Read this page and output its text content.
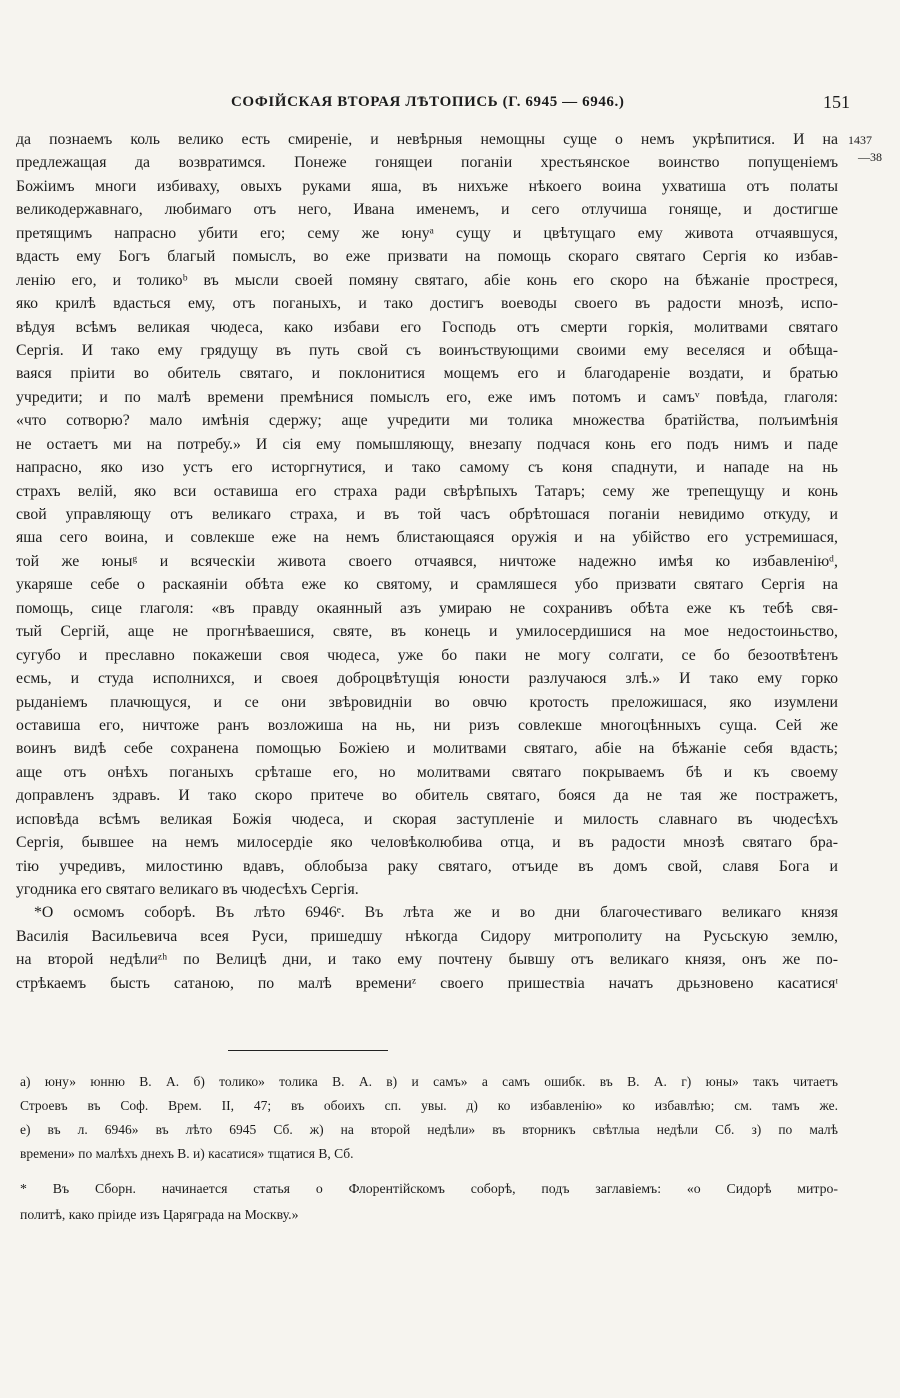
СОФІЙСКАЯ ВТОРАЯ ЛѢТОПИСЬ (Г. 6945 — 6946.)	151
1437
—38
да познаемъ коль велико есть смиреніе, и невѣрныя немощны суще о немъ укрѣпитися. И на
предлежащая да возвратимся. Понеже гонящеи поганіи хрестьянское воинство попущеніемъ
Божіимъ многи избиваху, овыхъ руками яша, въ нихъже нѣкоего воина ухватиша отъ полаты
великодержавнаго, любимаго отъ него, Ивана именемъ, и сего отлучиша гоняще, и достигше
претящимъ напрасно убити его; сему же юнуᵃ сущу и цвѣтущаго ему живота отчаявшуся,
вдасть ему Богъ благый помыслъ, во еже призвати на помощь скораго святаго Сергія ко избав-
ленію его, и толикоᵇ въ мысли своей помяну святаго, абіе конь его скоро на бѣжаніе простреся,
яко крилѣ вдасться ему, отъ поганыхъ, и тако достигъ воеводы своего въ радости мнозѣ, испо-
вѣдуя всѣмъ великая чюдеса, како избави его Господь отъ смерти горкія, молитвами святаго
Сергія. И тако ему грядущу въ путь свой съ воинъствующими своими ему веселяся и обѣща-
ваяся пріити во обитель святаго, и поклонитися мощемъ его и благодареніе воздати, и братью
учредити; и по малѣ времени премѣнися помыслъ его, еже имъ потомъ и самъᵛ повѣда, глаголя:
«что сотворю? мало имѣнія сдержу; аще учредити ми толика множества братійства, полъимѣнія
не остаетъ ми на потребу.» И сія ему помышляющу, внезапу подчася конь его подъ нимъ и паде
напрасно, яко изо устъ его исторгнутися, и тако самому съ коня спаднути, и нападе на нь
страхъ велій, яко вси оставиша его страха ради свѣрѣпыхъ Татаръ; сему же трепещущу и конь
свой управляющу отъ великаго страха, и въ той часъ обрѣтошася поганіи невидимо откуду, и
яша сего воина, и совлекше еже на немъ блистающаяся оружія и на убійство его устремишася,
той же юныᵍ и всяческіи живота своего отчаявся, ничтоже надежно имѣя ко избавленіюᵈ,
укаряше себе о раскаяніи обѣта еже ко святому, и срамляшеся убо призвати святаго Сергія на
помощь, сице глаголя: «въ правду окаянный азъ умираю не сохранивъ обѣта еже къ тебѣ свя-
тый Сергій, аще не прогнѣваешися, святе, въ конець и умилосердишися на мое недостоиньство,
сугубо и преславно покажеши своя чюдеса, уже бо паки не могу солгати, се бо безоотвѣтенъ
есмь, и студа исполнихся, и своея доброцвѣтущія юности разлучаюся злѣ.» И тако ему горко
рыданіемъ плачющуся, и се они звѣровидніи во овчю кротость преложишася, яко изумлени
оставиша его, ничтоже ранъ возложиша на нь, ни ризъ совлекше многоцѣнныхъ суща. Сей же
воинъ видѣ себе сохранена помощью Божіею и молитвами святаго, абіе на бѣжаніе себя вдасть;
аще отъ онѣхъ поганыхъ срѣташе его, но молитвами святаго покрываемъ бѣ и къ своему
доправленъ здравъ. И тако скоро притече во обитель святаго, бояся да не тая же постражетъ,
исповѣда всѣмъ великая Божія чюдеса, и скорая заступленіе и милость славнаго въ чюдесѣхъ
Сергія, бывшее на немъ милосердіе яко человѣколюбива отца, и въ радости мнозѣ святаго бра-
тію учредивъ, милостиню вдавъ, облобыза раку святаго, отъиде въ домъ свой, славя Бога и
угодника его святаго великаго въ чюдесѣхъ Сергія.
*О осмомъ соборѣ. Въ лѣто 6946ᵉ. Въ лѣта же и во дни благочестиваго великаго князя
Василія Васильевича всея Руси, пришедшу нѣкогда Сидору митрополиту на Русьскую землю,
на второй недѣлиᶻʰ по Велицѣ дни, и тако ему почтену бывшу отъ великаго князя, онъ же по-
стрѣкаемъ бысть сатаною, по малѣ времениᶻ своего пришествіа начатъ дрьзновено касатисяᶦ
а) юну» юнню В. А. б) толико» толика В. А. в) и самъ» а самъ ошибк. въ В. А. г) юны» такъ читаетъ
Строевъ въ Соф. Врем. II, 47; въ обоихъ сп. увы. д) ко избавленію» ко избавлѣю; см. тамъ же.
е) въ л. 6946» въ лѣто 6945 Сб. ж) на второй недѣли» въ вторникъ свѣтлыа недѣли Сб. з) по малѣ
времени» по малѣхъ днехъ В. и) касатися» тщатися В, Сб.
* Въ Сборн. начинается статья о Флорентійскомъ соборѣ, подъ заглавіемъ: «о Сидорѣ митро-
политѣ, како пріиде изъ Царяграда на Москву.»
